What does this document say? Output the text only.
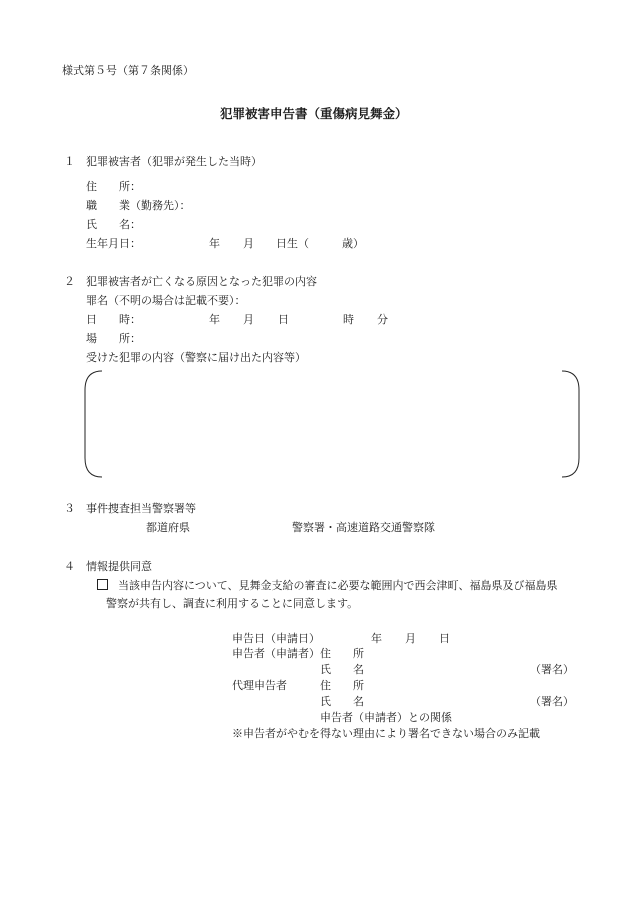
様式第５号（第７条関係）
犯罪被害申告書（重傷病見舞金）
１ 犯罪被害者（犯罪が発生した当時）
住　　所：
職　　業（勤務先）：
氏　　名：
生年月日：	年 月 日生（	歳）
２ 犯罪被害者が亡くなる原因となった犯罪の内容
罪名（不明の場合は記載不要）：
日　　時：	年 月 日	時 分
場　　所：
受けた犯罪の内容（警察に届け出た内容等）
３ 事件捜査担当警察署等
都道府県	警察署・高速道路交通警察隊
４ 情報提供同意
当該申告内容について、見舞金支給の審査に必要な範囲内で西会津町、福島県及び福島県
警察が共有し、調査に利用することに同意します。
申告日（申請日）	年 月 日
申告者（申請者） 住　　所
氏　　名	（署名）
代理申告者	住　　所
氏　　名	（署名）
申告者（申請者）との関係
※申告者がやむを得ない理由により署名できない場合のみ記載
